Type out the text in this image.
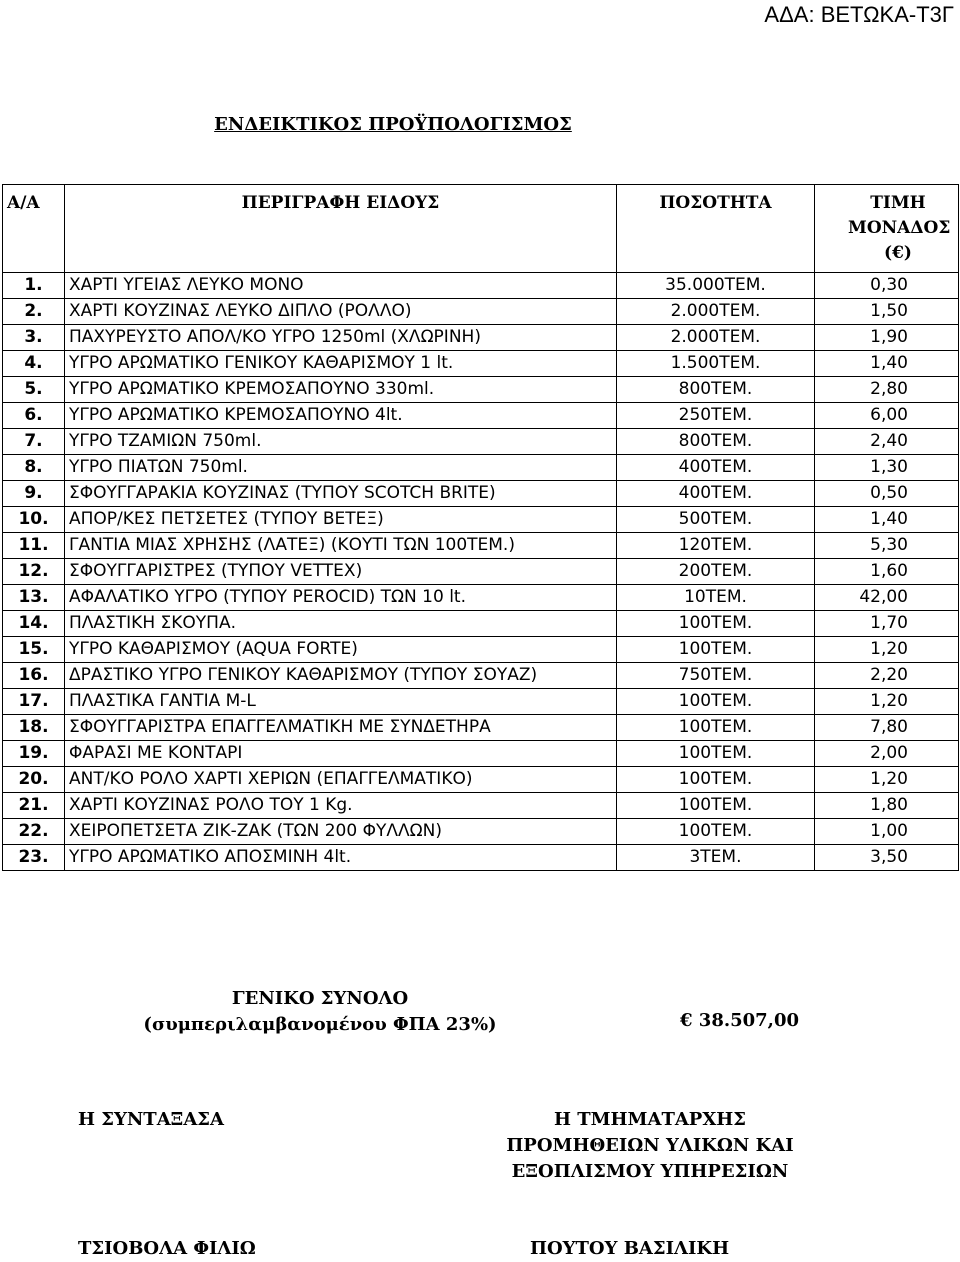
ΑΔΑ: ΒΕΤΩΚΑ-Τ3Γ
ΕΝΔΕΙΚΤΙΚΟΣ ΠΡΟΫΠΟΛΟΓΙΣΜΟΣ
Α/Α	ΠΕΡΙΓΡΑΦΗ ΕΙΔΟΥΣ	ΠΟΣΟΤΗΤΑ	ΤΙΜΗ ΜΟΝΑΔΟΣ (€)
1.	ΧΑΡΤΙ ΥΓΕΙΑΣ ΛΕΥΚΟ ΜΟΝΟ	35.000ΤΕΜ.	0,30
2.	ΧΑΡΤΙ ΚΟΥΖΙΝΑΣ ΛΕΥΚΟ ΔΙΠΛΟ (ΡΟΛΛΟ)	2.000ΤΕΜ.	1,50
3.	ΠΑΧΥΡΕΥΣΤΟ ΑΠΟΛ/ΚΟ ΥΓΡΟ 1250ml (ΧΛΩΡΙΝΗ)	2.000ΤΕΜ.	1,90
4.	ΥΓΡΟ ΑΡΩΜΑΤΙΚΟ ΓΕΝΙΚΟΥ ΚΑΘΑΡΙΣΜΟΥ 1 lt.	1.500ΤΕΜ.	1,40
5.	ΥΓΡΟ ΑΡΩΜΑΤΙΚΟ ΚΡΕΜΟΣΑΠΟΥΝΟ 330ml.	800ΤΕΜ.	2,80
6.	ΥΓΡΟ ΑΡΩΜΑΤΙΚΟ ΚΡΕΜΟΣΑΠΟΥΝΟ 4lt.	250ΤΕΜ.	6,00
7.	ΥΓΡΟ ΤΖΑΜΙΩΝ 750ml.	800ΤΕΜ.	2,40
8.	ΥΓΡΟ ΠΙΑΤΩΝ 750ml.	400ΤΕΜ.	1,30
9.	ΣΦΟΥΓΓΑΡΑΚΙΑ ΚΟΥΖΙΝΑΣ (ΤΥΠΟΥ SCOTCH BRITE)	400ΤΕΜ.	0,50
10.	ΑΠΟΡ/ΚΕΣ ΠΕΤΣΕΤΕΣ (ΤΥΠΟΥ ΒΕΤΕΞ)	500ΤΕΜ.	1,40
11.	ΓΑΝΤΙΑ ΜΙΑΣ ΧΡΗΣΗΣ (ΛΑΤΕΞ) (ΚΟΥΤΙ ΤΩΝ 100ΤΕΜ.)	120ΤΕΜ.	5,30
12.	ΣΦΟΥΓΓΑΡΙΣΤΡΕΣ (ΤΥΠΟΥ VETTEX)	200ΤΕΜ.	1,60
13.	ΑΦΑΛΑΤΙΚΟ ΥΓΡΟ (ΤΥΠΟΥ PEROCID) ΤΩΝ 10 lt.	10ΤΕΜ.	42,00
14.	ΠΛΑΣΤΙΚΗ ΣΚΟΥΠΑ.	100ΤΕΜ.	1,70
15.	ΥΓΡΟ ΚΑΘΑΡΙΣΜΟΥ (AQUA FORTE)	100ΤΕΜ.	1,20
16.	ΔΡΑΣΤΙΚΟ ΥΓΡΟ ΓΕΝΙΚΟΥ ΚΑΘΑΡΙΣΜΟΥ (ΤΥΠΟΥ ΣΟΥΑΖ)	750ΤΕΜ.	2,20
17.	ΠΛΑΣΤΙΚΑ ΓΑΝΤΙΑ M-L	100ΤΕΜ.	1,20
18.	ΣΦΟΥΓΓΑΡΙΣΤΡΑ ΕΠΑΓΓΕΛΜΑΤΙΚΗ ΜΕ ΣΥΝΔΕΤΗΡΑ	100ΤΕΜ.	7,80
19.	ΦΑΡΑΣΙ ΜΕ ΚΟΝΤΑΡΙ	100ΤΕΜ.	2,00
20.	ΑΝΤ/ΚΟ ΡΟΛΟ ΧΑΡΤΙ ΧΕΡΙΩΝ (ΕΠΑΓΓΕΛΜΑΤΙΚΟ)	100ΤΕΜ.	1,20
21.	ΧΑΡΤΙ ΚΟΥΖΙΝΑΣ ΡΟΛΟ ΤΟΥ 1 Kg.	100ΤΕΜ.	1,80
22.	ΧΕΙΡΟΠΕΤΣΕΤΑ ΖΙΚ-ΖΑΚ (ΤΩΝ 200 ΦΥΛΛΩΝ)	100ΤΕΜ.	1,00
23.	ΥΓΡΟ ΑΡΩΜΑΤΙΚΟ ΑΠΟΣΜΙΝΗ 4lt.	3ΤΕΜ.	3,50
ΓΕΝΙΚΟ ΣΥΝΟΛΟ
(συμπεριλαμβανομένου ΦΠΑ 23%)	€ 38.507,00
Η ΣΥΝΤΑΞΑΣΑ	Η ΤΜΗΜΑΤΑΡΧΗΣ
ΠΡΟΜΗΘΕΙΩΝ ΥΛΙΚΩΝ ΚΑΙ
ΕΞΟΠΛΙΣΜΟΥ ΥΠΗΡΕΣΙΩΝ
ΤΣΙΟΒΟΛΑ ΦΙΛΙΩ	ΠΟΥΤΟΥ ΒΑΣΙΛΙΚΗ
